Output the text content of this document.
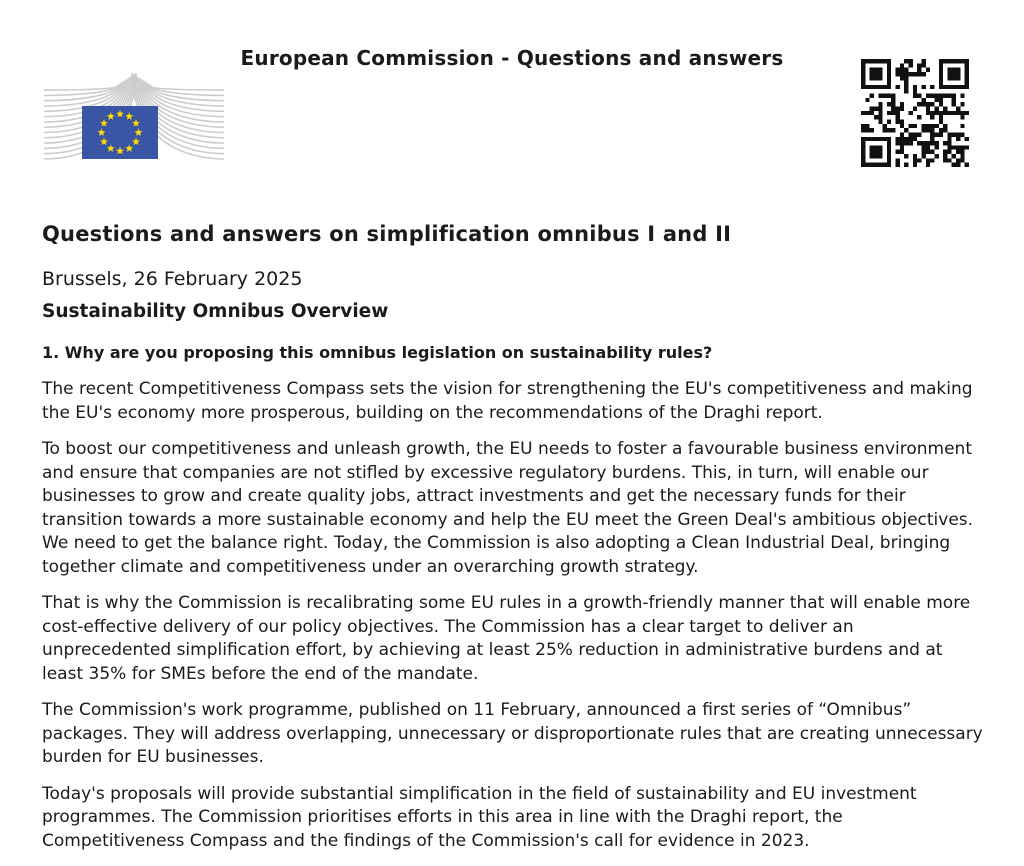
European Commission - Questions and answers
Questions and answers on simplification omnibus I and II
Brussels, 26 February 2025
Sustainability Omnibus Overview
1. Why are you proposing this omnibus legislation on sustainability rules?

The recent Competitiveness Compass sets the vision for strengthening the EU's competitiveness and making the EU's economy more prosperous, building on the recommendations of the Draghi report.

To boost our competitiveness and unleash growth, the EU needs to foster a favourable business environment and ensure that companies are not stifled by excessive regulatory burdens. This, in turn, will enable our businesses to grow and create quality jobs, attract investments and get the necessary funds for their transition towards a more sustainable economy and help the EU meet the Green Deal's ambitious objectives. We need to get the balance right. Today, the Commission is also adopting a Clean Industrial Deal, bringing together climate and competitiveness under an overarching growth strategy.

That is why the Commission is recalibrating some EU rules in a growth-friendly manner that will enable more cost-effective delivery of our policy objectives. The Commission has a clear target to deliver an unprecedented simplification effort, by achieving at least 25% reduction in administrative burdens and at least 35% for SMEs before the end of the mandate.

The Commission's work programme, published on 11 February, announced a first series of “Omnibus” packages. They will address overlapping, unnecessary or disproportionate rules that are creating unnecessary burden for EU businesses.

Today's proposals will provide substantial simplification in the field of sustainability and EU investment programmes. The Commission prioritises efforts in this area in line with the Draghi report, the Competitiveness Compass and the findings of the Commission's call for evidence in 2023.
